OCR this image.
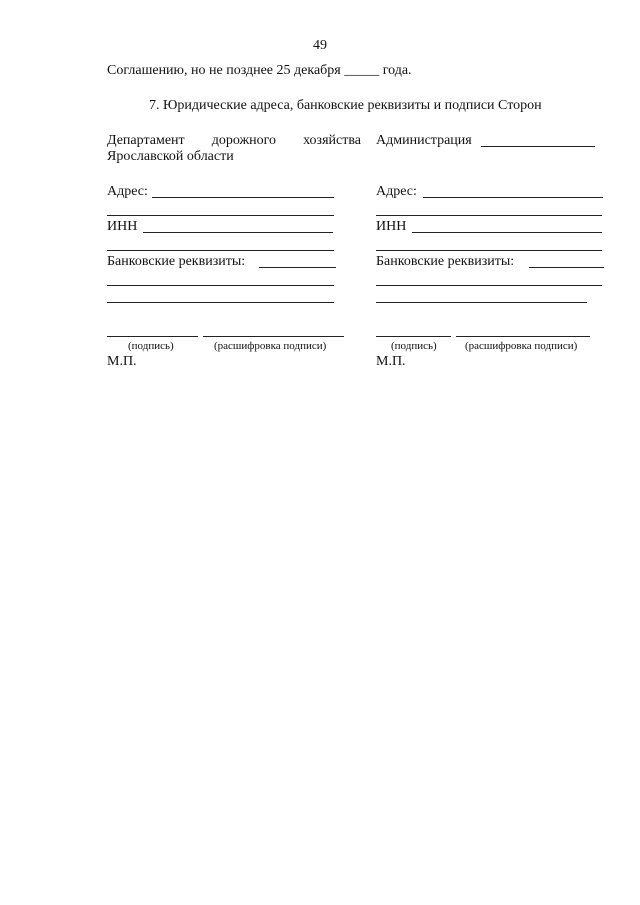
49
Соглашению, но не позднее 25 декабря _____ года.
7. Юридические адреса, банковские реквизиты и подписи Сторон
Департамент дорожного хозяйства
Ярославской области
Адрес:
ИНН
Банковские реквизиты:
(подпись)	(расшифровка подписи)
М.П.
Администрация
Адрес:
ИНН
Банковские реквизиты:
(подпись)	(расшифровка подписи)
М.П.
